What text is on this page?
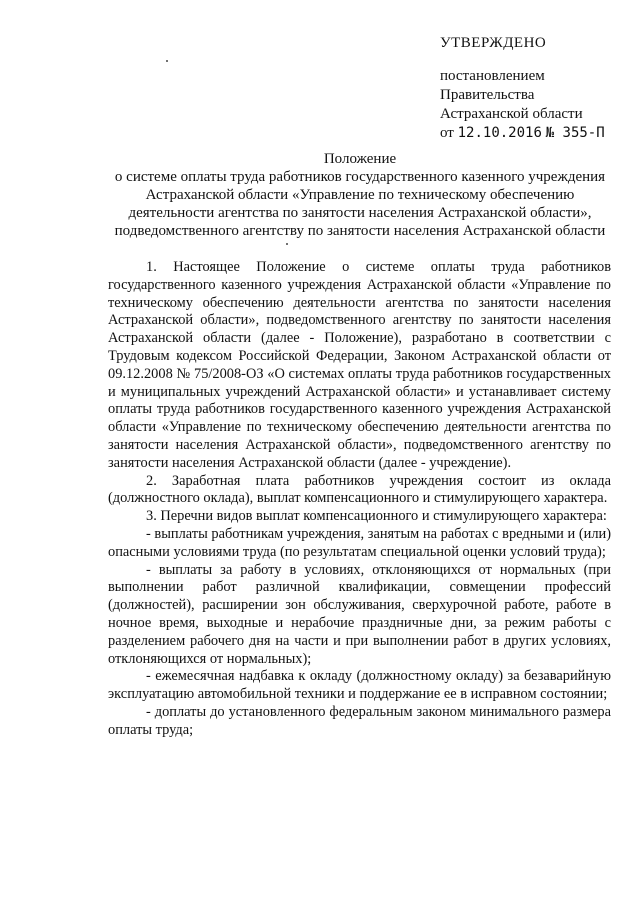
УТВЕРЖДЕНО
постановлением
Правительства
Астраханской области
от 12.10.2016 № 355-П
Положение
о системе оплаты труда работников государственного казенного учреждения
Астраханской области «Управление по техническому обеспечению
деятельности агентства по занятости населения Астраханской области»,
подведомственного агентству по занятости населения Астраханской области

1. Настоящее Положение о системе оплаты труда работников государственного казенного учреждения Астраханской области «Управление по техническому обеспечению деятельности агентства по занятости населения Астраханской области», подведомственного агентству по занятости населения Астраханской области (далее - Положение), разработано в соответствии с Трудовым кодексом Российской Федерации, Законом Астраханской области от 09.12.2008 № 75/2008-ОЗ «О системах оплаты труда работников государственных и муниципальных учреждений Астраханской области» и устанавливает систему оплаты труда работников государственного казенного учреждения Астраханской области «Управление по техническому обеспечению деятельности агентства по занятости населения Астраханской области», подведомственного агентству по занятости населения Астраханской области (далее - учреждение).

2. Заработная плата работников учреждения состоит из оклада (должностного оклада), выплат компенсационного и стимулирующего характера.

3. Перечни видов выплат компенсационного и стимулирующего характера:

- выплаты работникам учреждения, занятым на работах с вредными и (или) опасными условиями труда (по результатам специальной оценки условий труда);

- выплаты за работу в условиях, отклоняющихся от нормальных (при выполнении работ различной квалификации, совмещении профессий (должностей), расширении зон обслуживания, сверхурочной работе, работе в ночное время, выходные и нерабочие праздничные дни, за режим работы с разделением рабочего дня на части и при выполнении работ в других условиях, отклоняющихся от нормальных);

- ежемесячная надбавка к окладу (должностному окладу) за безаварийную эксплуатацию автомобильной техники и поддержание ее в исправном состоянии;

- доплаты до установленного федеральным законом минимального размера оплаты труда;
